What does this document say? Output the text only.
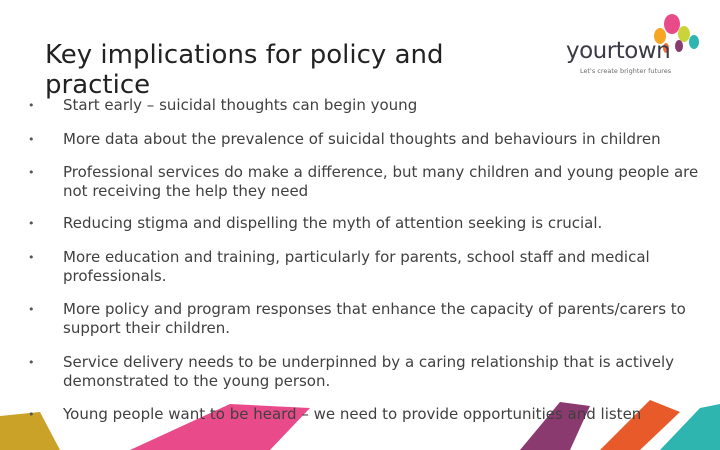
Key implications for policy and practice
yourtown
Let's create brighter futures
• Start early – suicidal thoughts can begin young
• More data about the prevalence of suicidal thoughts and behaviours in children
• Professional services do make a difference, but many children and young people are not receiving the help they need
• Reducing stigma and dispelling the myth of attention seeking is crucial.
• More education and training, particularly for parents, school staff and medical professionals.
• More policy and program responses that enhance the capacity of parents/carers to support their children.
• Service delivery needs to be underpinned by a caring relationship that is actively demonstrated to the young person.
• Young people want to be heard – we need to provide opportunities and listen
